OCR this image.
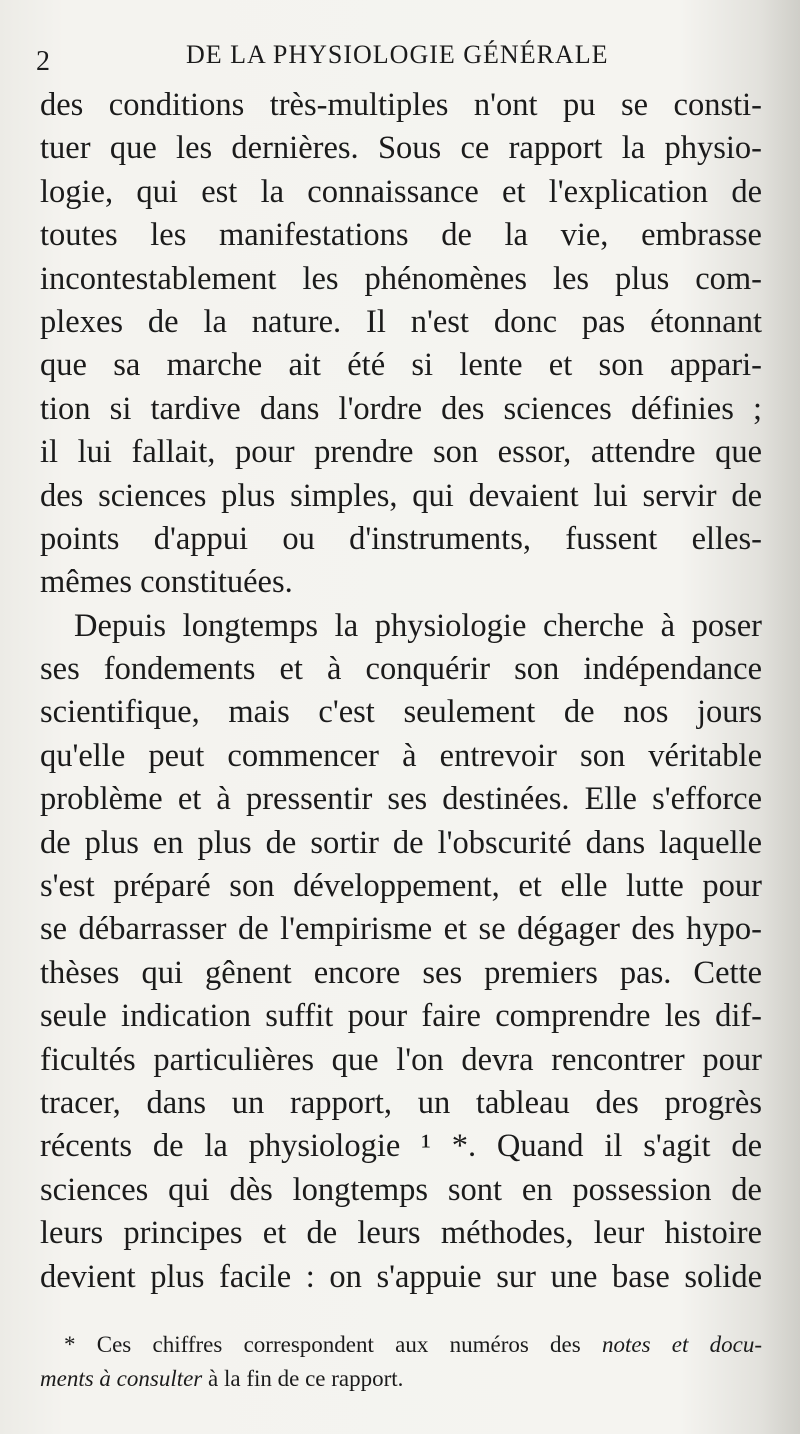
2	DE LA PHYSIOLOGIE GÉNÉRALE
des conditions très-multiples n'ont pu se consti-
tuer que les dernières. Sous ce rapport la physio-
logie, qui est la connaissance et l'explication de
toutes les manifestations de la vie, embrasse
incontestablement les phénomènes les plus com-
plexes de la nature. Il n'est donc pas étonnant
que sa marche ait été si lente et son appari-
tion si tardive dans l'ordre des sciences définies ;
il lui fallait, pour prendre son essor, attendre que
des sciences plus simples, qui devaient lui servir de
points d'appui ou d'instruments, fussent elles-
mêmes constituées.
Depuis longtemps la physiologie cherche à poser
ses fondements et à conquérir son indépendance
scientifique, mais c'est seulement de nos jours
qu'elle peut commencer à entrevoir son véritable
problème et à pressentir ses destinées. Elle s'efforce
de plus en plus de sortir de l'obscurité dans laquelle
s'est préparé son développement, et elle lutte pour
se débarrasser de l'empirisme et se dégager des hypo-
thèses qui gênent encore ses premiers pas. Cette
seule indication suffit pour faire comprendre les dif-
ficultés particulières que l'on devra rencontrer pour
tracer, dans un rapport, un tableau des progrès
récents de la physiologie ¹ *. Quand il s'agit de
sciences qui dès longtemps sont en possession de
leurs principes et de leurs méthodes, leur histoire
devient plus facile : on s'appuie sur une base solide
* Ces chiffres correspondent aux numéros des notes et docu-
ments à consulter à la fin de ce rapport.
